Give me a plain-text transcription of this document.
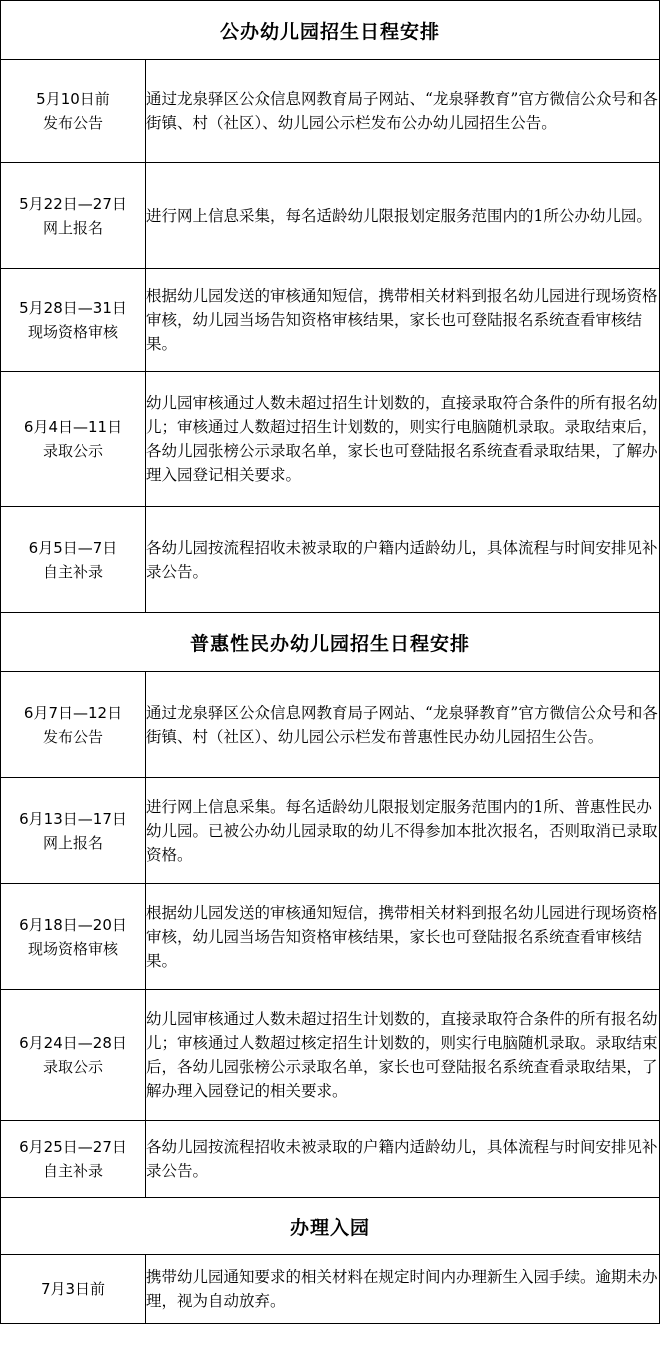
公办幼儿园招生日程安排	

5月10日前
发布公告	通过龙泉驿区公众信息网教育局子网站、“龙泉驿教育”官方微信公众号和各街镇、村（社区）、幼儿园公示栏发布公办幼儿园招生公告。

5月22日—27日
网上报名	进行网上信息采集，每名适龄幼儿限报划定服务范围内的1所公办幼儿园。

5月28日—31日
现场资格审核	根据幼儿园发送的审核通知短信，携带相关材料到报名幼儿园进行现场资格审核，幼儿园当场告知资格审核结果，家长也可登陆报名系统查看审核结果。

6月4日—11日
录取公示	幼儿园审核通过人数未超过招生计划数的，直接录取符合条件的所有报名幼儿；审核通过人数超过招生计划数的，则实行电脑随机录取。录取结束后，各幼儿园张榜公示录取名单，家长也可登陆报名系统查看录取结果，了解办理入园登记相关要求。

6月5日—7日
自主补录	各幼儿园按流程招收未被录取的户籍内适龄幼儿，具体流程与时间安排见补录公告。

普惠性民办幼儿园招生日程安排	

6月7日—12日
发布公告	通过龙泉驿区公众信息网教育局子网站、“龙泉驿教育”官方微信公众号和各街镇、村（社区）、幼儿园公示栏发布普惠性民办幼儿园招生公告。

6月13日—17日
网上报名	进行网上信息采集。每名适龄幼儿限报划定服务范围内的1所、普惠性民办幼儿园。已被公办幼儿园录取的幼儿不得参加本批次报名，否则取消已录取资格。

6月18日—20日
现场资格审核	根据幼儿园发送的审核通知短信，携带相关材料到报名幼儿园进行现场资格审核，幼儿园当场告知资格审核结果，家长也可登陆报名系统查看审核结果。

6月24日—28日
录取公示	幼儿园审核通过人数未超过招生计划数的，直接录取符合条件的所有报名幼儿；审核通过人数超过核定招生计划数的，则实行电脑随机录取。录取结束后，各幼儿园张榜公示录取名单，家长也可登陆报名系统查看录取结果，了解办理入园登记的相关要求。

6月25日—27日
自主补录	各幼儿园按流程招收未被录取的户籍内适龄幼儿，具体流程与时间安排见补录公告。

办理入园	

7月3日前	携带幼儿园通知要求的相关材料在规定时间内办理新生入园手续。逾期未办理，视为自动放弃。
